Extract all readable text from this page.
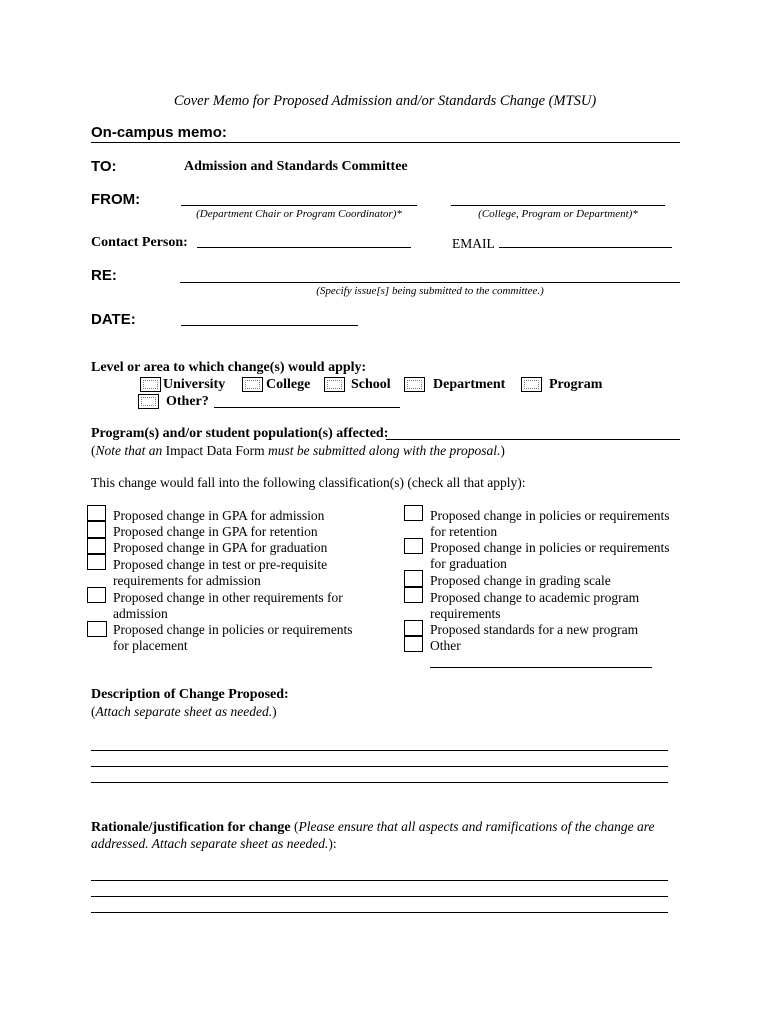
Cover Memo for Proposed Admission and/or Standards Change (MTSU)
On-campus memo:
TO:	Admission and Standards Committee
FROM:
(Department Chair or Program Coordinator)*	(College, Program or Department)*
Contact Person:	EMAIL
RE:
(Specify issue[s] being submitted to the committee.)
DATE:
Level or area to which change(s) would apply:
University	College	School	Department	Program
Other?
Program(s) and/or student population(s) affected:
(Note that an Impact Data Form must be submitted along with the proposal.)
This change would fall into the following classification(s) (check all that apply):
Proposed change in GPA for admission
Proposed change in GPA for retention
Proposed change in GPA for graduation
Proposed change in test or pre-requisite
requirements for admission
Proposed change in other requirements for
admission
Proposed change in policies or requirements
for placement
Proposed change in policies or requirements
for retention
Proposed change in policies or requirements
for graduation
Proposed change in grading scale
Proposed change to academic program
requirements
Proposed standards for a new program
Other
Description of Change Proposed:
(Attach separate sheet as needed.)
Rationale/justification for change (Please ensure that all aspects and ramifications of the change are
addressed. Attach separate sheet as needed.):
